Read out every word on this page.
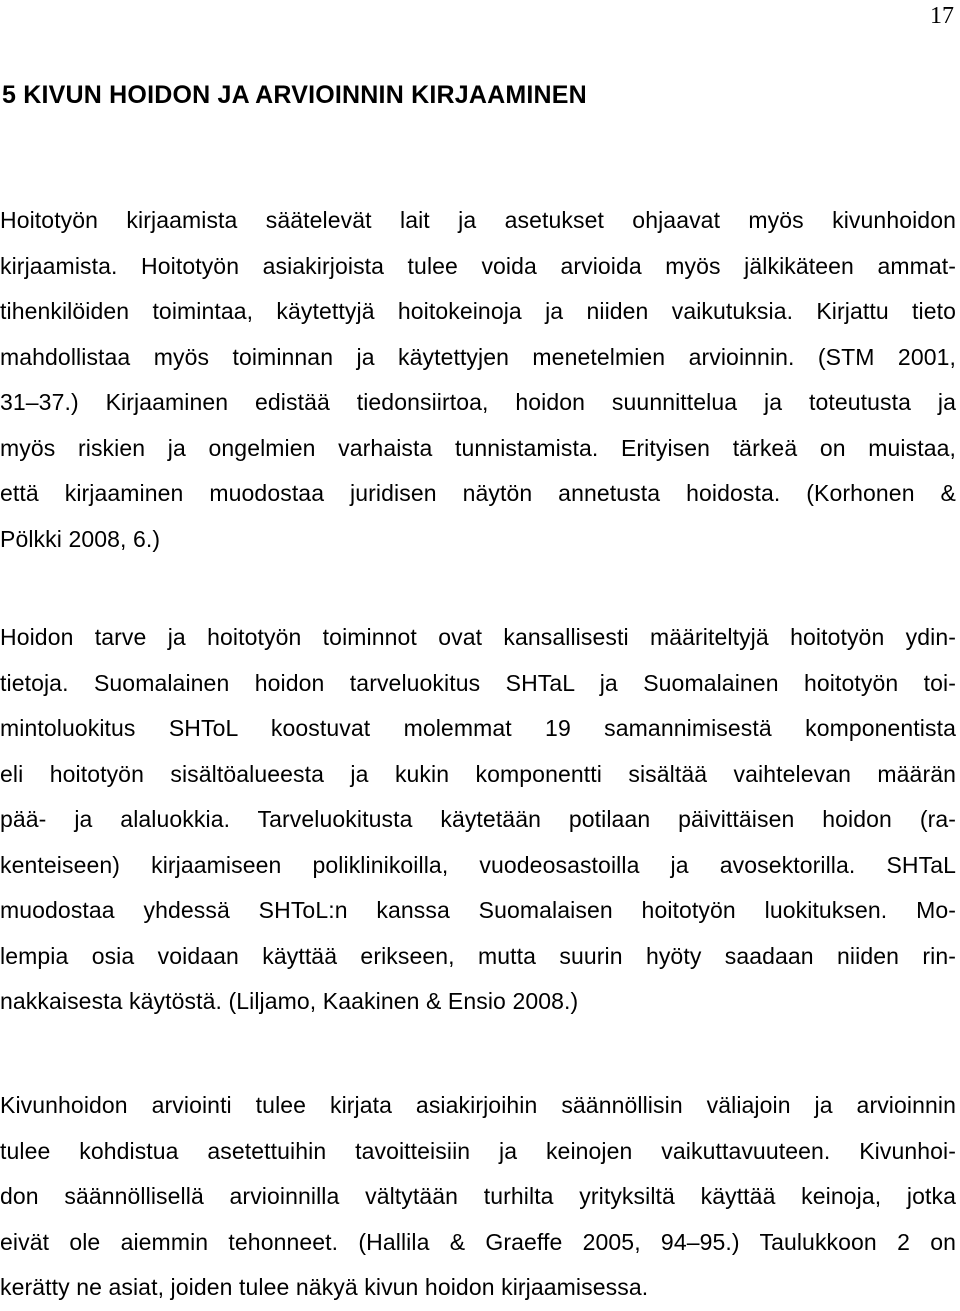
17
5 KIVUN HOIDON JA ARVIOINNIN KIRJAAMINEN
Hoitotyön kirjaamista säätelevät lait ja asetukset ohjaavat myös kivunhoidon
kirjaamista. Hoitotyön asiakirjoista tulee voida arvioida myös jälkikäteen ammat-
tihenkilöiden toimintaa, käytettyjä hoitokeinoja ja niiden vaikutuksia. Kirjattu tieto
mahdollistaa myös toiminnan ja käytettyjen menetelmien arvioinnin. (STM 2001,
31–37.) Kirjaaminen edistää tiedonsiirtoa, hoidon suunnittelua ja toteutusta ja
myös riskien ja ongelmien varhaista tunnistamista. Erityisen tärkeä on muistaa,
että kirjaaminen muodostaa juridisen näytön annetusta hoidosta. (Korhonen &
Pölkki 2008, 6.)
Hoidon tarve ja hoitotyön toiminnot ovat kansallisesti määriteltyjä hoitotyön ydin-
tietoja. Suomalainen hoidon tarveluokitus SHTaL ja Suomalainen hoitotyön toi-
mintoluokitus SHToL koostuvat molemmat 19 samannimisestä komponentista
eli hoitotyön sisältöalueesta ja kukin komponentti sisältää vaihtelevan määrän
pää- ja alaluokkia. Tarveluokitusta käytetään potilaan päivittäisen hoidon (ra-
kenteiseen) kirjaamiseen poliklinikoilla, vuodeosastoilla ja avosektorilla. SHTaL
muodostaa yhdessä SHToL:n kanssa Suomalaisen hoitotyön luokituksen. Mo-
lempia osia voidaan käyttää erikseen, mutta suurin hyöty saadaan niiden rin-
nakkaisesta käytöstä. (Liljamo, Kaakinen & Ensio 2008.)
Kivunhoidon arviointi tulee kirjata asiakirjoihin säännöllisin väliajoin ja arvioinnin
tulee kohdistua asetettuihin tavoitteisiin ja keinojen vaikuttavuuteen. Kivunhoi-
don säännöllisellä arvioinnilla vältytään turhilta yrityksiltä käyttää keinoja, jotka
eivät ole aiemmin tehonneet. (Hallila & Graeffe 2005, 94–95.) Taulukkoon 2 on
kerätty ne asiat, joiden tulee näkyä kivun hoidon kirjaamisessa.
